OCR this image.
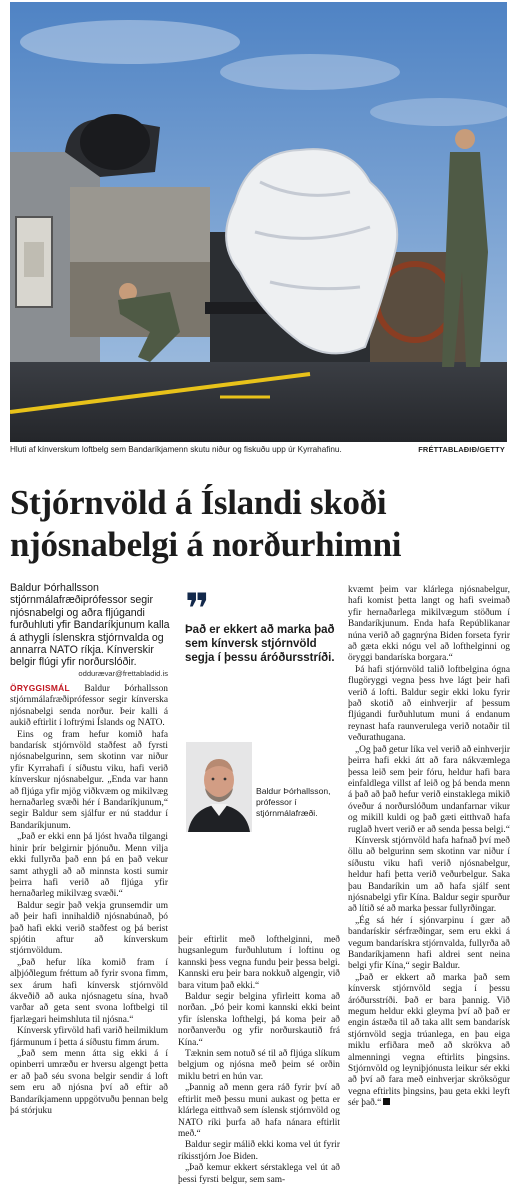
Hluti af kínverskum loftbelg sem Bandaríkjamenn skutu niður og fiskuðu upp úr Kyrrahafinu.	FRÉTTABLAÐIÐ/GETTY
Stjórnvöld á Íslandi skoði njósnabelgi á norðurhimni

Baldur Þórhallsson stjórnmálafræðiprófessor segir njósnabelgi og aðra fljúgandi furðuhluti yfir Bandaríkjunum kalla á athygli íslenskra stjórnvalda og annarra NATO ríkja. Kínverskir belgir flúgi yfir norðurslóðir.

oddurævar@frettabladid.is

ÖRYGGISMÁL Baldur Þórhallsson stjórnmálafræðiprófessor segir kínverska njósnabelgi senda norður. Þeir kalli á aukið eftirlit í loftrými Íslands og NATO.

Eins og fram hefur komið hafa bandarísk stjórnvöld staðfest að fyrsti njósnabelgurinn, sem skotinn var niður yfir Kyrrahafi í síðustu viku, hafi verið kínverskur njósnabelgur. „Enda var hann að fljúga yfir mjög viðkvæm og mikilvæg hernaðarleg svæði hér í Bandaríkjunum,“ segir Baldur sem sjálfur er nú staddur í Bandaríkjunum.

„Það er ekki enn þá ljóst hvaða tilgangi hinir þrír belgirnir þjónuðu. Menn vilja ekki fullyrða það enn þá en það vekur samt athygli að að minnsta kosti sumir þeirra hafi verið að fljúga yfir hernaðarleg mikilvæg svæði.“

Baldur segir það vekja grunsemdir um að þeir hafi innihaldið njósnabúnað, þó það hafi ekki verið staðfest og þá berist spjótin aftur að kínverskum stjórnvöldum.

„Það hefur líka komið fram í alþjóðlegum fréttum að fyrir svona fimm, sex árum hafi kínversk stjórnvöld ákveðið að auka njósnagetu sína, hvað varðar að geta sent svona loftbelgi til fjarlægari heimshluta til njósna.“

Kínversk yfirvöld hafi varið heilmiklum fjármunum í þetta á síðustu fimm árum.

„Það sem menn átta sig ekki á í opinberri umræðu er hversu algengt þetta er að það séu svona belgir sendir á loft sem eru að njósna því að eftir að Bandaríkjamenn uppgötvuðu þennan belg þá stórjuku

❞

Það er ekkert að marka það sem kínversk stjórnvöld segja í þessu áróðursstríði.

Baldur Þórhallsson, prófessor í stjórnmálafræði.

þeir eftirlit með lofthelginni, með hugsanlegum furðuhlutum í loftinu og kannski þess vegna fundu þeir þessa belgi. Kannski eru þeir bara nokkuð algengir, við bara vitum það ekki.“

Baldur segir belgina yfirleitt koma að norðan. „Þó þeir komi kannski ekki beint yfir íslenska lofthelgi, þá koma þeir að norðanverðu og yfir norðurskautið frá Kína.“

Tæknin sem notuð sé til að fljúga slíkum belgjum og njósna með þeim sé orðin miklu betri en hún var.

„Þannig að menn gera ráð fyrir því að eftirlit með þessu muni aukast og þetta er klárlega eitthvað sem íslensk stjórnvöld og NATO ríki þurfa að hafa nánara eftirlit með.“

Baldur segir málið ekki koma vel út fyrir ríkisstjórn Joe Biden.

„Það kemur ekkert sérstaklega vel út að þessi fyrsti belgur, sem sam-

kvæmt þeim var klárlega njósnabelgur, hafi komist þetta langt og hafi sveimað yfir hernaðarlega mikilvægum stöðum í Bandaríkjunum. Enda hafa Repúblikanar núna verið að gagnrýna Biden forseta fyrir að gæta ekki nógu vel að lofthelginni og öryggi bandaríska borgara.“

Þá hafi stjórnvöld talið loftbelgina ógna flugöryggi vegna þess hve lágt þeir hafi verið á lofti. Baldur segir ekki loku fyrir það skotið að einhverjir af þessum fljúgandi furðuhlutum muni á endanum reynast hafa raunverulega verið notaðir til veðurathugana.

„Og það getur líka vel verið að einhverjir þeirra hafi ekki átt að fara nákvæmlega þessa leið sem þeir fóru, heldur hafi bara einfaldlega villst af leið og þá benda menn á það að það hefur verið einstaklega mikið óveður á norðurslóðum undanfarnar vikur og mikill kuldi og það gæti eitthvað hafa ruglað hvert verið er að senda þessa belgi.“

Kínversk stjórnvöld hafa hafnað því með öllu að belgurinn sem skotinn var niður í síðustu viku hafi verið njósnabelgur, heldur hafi þetta verið veðurbelgur. Saka þau Bandaríkin um að hafa sjálf sent njósnabelgi yfir Kína. Baldur segir spurður að lítið sé að marka þessar fullyrðingar.

„Ég sá hér í sjónvarpinu í gær að bandarískir sérfræðingar, sem eru ekki á vegum bandarískra stjórnvalda, fullyrða að Bandaríkjamenn hafi aldrei sent neina belgi yfir Kína,“ segir Baldur.

„Það er ekkert að marka það sem kínversk stjórnvöld segja í þessu áróðursstríði. Það er bara þannig. Við megum heldur ekki gleyma því að það er engin ástæða til að taka allt sem bandarísk stjórnvöld segja trúanlega, en þau eiga miklu erfiðara með að skrökva að almenningi vegna eftirlits þingsins. Stjórnvöld og leyniþjónusta leikur sér ekki að því að fara með einhverjar skröksögur vegna eftirlits þingsins, þau geta ekki leyft sér það.“
